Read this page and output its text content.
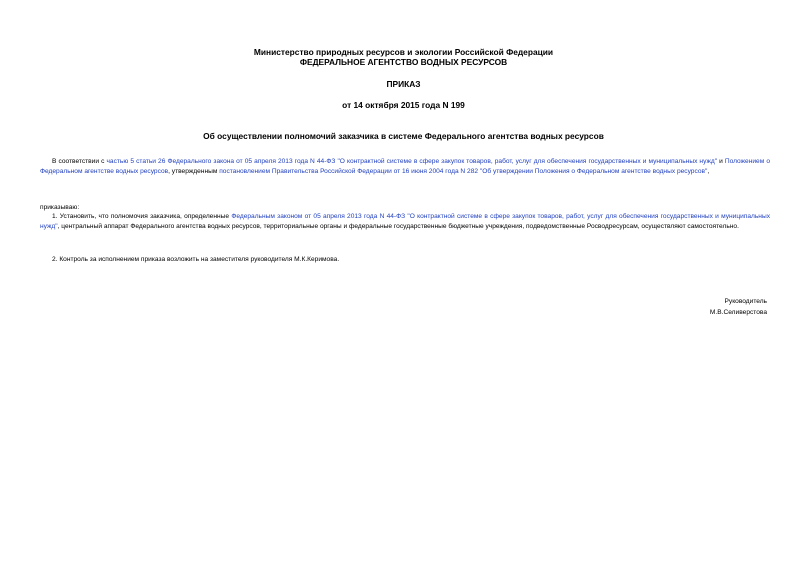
Министерство природных ресурсов и экологии Российской Федерации
ФЕДЕРАЛЬНОЕ АГЕНТСТВО ВОДНЫХ РЕСУРСОВ
ПРИКАЗ
от 14 октября 2015 года N 199
Об осуществлении полномочий заказчика в системе Федерального агентства водных ресурсов

В соответствии с частью 5 статьи 26 Федерального закона от 05 апреля 2013 года N 44-ФЗ "О контрактной системе в сфере закупок товаров, работ, услуг для обеспечения государственных и муниципальных нужд" и Положением о Федеральном агентстве водных ресурсов, утвержденным постановлением Правительства Российской Федерации от 16 июня 2004 года N 282 "Об утверждении Положения о Федеральном агентстве водных ресурсов",

приказываю:

1. Установить, что полномочия заказчика, определенные Федеральным законом от 05 апреля 2013 года N 44-ФЗ "О контрактной системе в сфере закупок товаров, работ, услуг для обеспечения государственных и муниципальных нужд", центральный аппарат Федерального агентства водных ресурсов, территориальные органы и федеральные государственные бюджетные учреждения, подведомственные Росводресурсам, осуществляют самостоятельно.

2. Контроль за исполнением приказа возложить на заместителя руководителя М.К.Керимова.

Руководитель
М.В.Селиверстова
